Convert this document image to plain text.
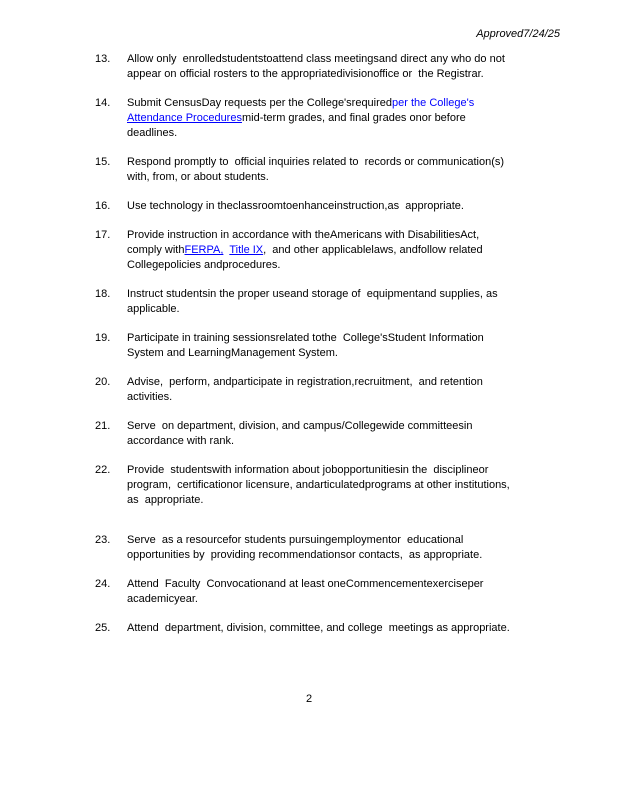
Approved7/24/25
13.	Allow only  enrolledstudentstoattend class meetingsand direct any who do not
appear on official rosters to the appropriatedivisionoffice or  the Registrar.
14.	Submit CensusDay requests per the College'srequiredper the College's
Attendance Proceduresmid-term grades, and final grades onor before
deadlines.
15.	Respond promptly to  official inquiries related to  records or communication(s)
with, from, or about students.
16.	Use technology in theclassroomtoenhanceinstruction,as  appropriate.
17.	Provide instruction in accordance with theAmericans with DisabilitiesAct,
comply withFERPA, Title IX,  and other applicablelaws, andfollow related
Collegepolicies andprocedures.
18.	Instruct studentsin the proper useand storage of  equipmentand supplies, as
applicable.
19.	Participate in training sessionsrelated tothe  College'sStudent Information
System and LearningManagement System.
20.	Advise,  perform, andparticipate in registration,recruitment,  and retention
activities.
21.	Serve  on department, division, and campus/Collegewide committeesin
accordance with rank.
22.	Provide  studentswith information about jobopportunitiesin the  disciplineor
program,  certificationor licensure, andarticulatedprograms at other institutions,
as  appropriate.
23.	Serve  as a resourcefor students pursuingemploymentor  educational
opportunities by  providing recommendationsor contacts,  as appropriate.
24.	Attend  Faculty  Convocationand at least oneCommencementexerciseper
academicyear.
25.	Attend  department, division, committee, and college  meetings as appropriate.
2
